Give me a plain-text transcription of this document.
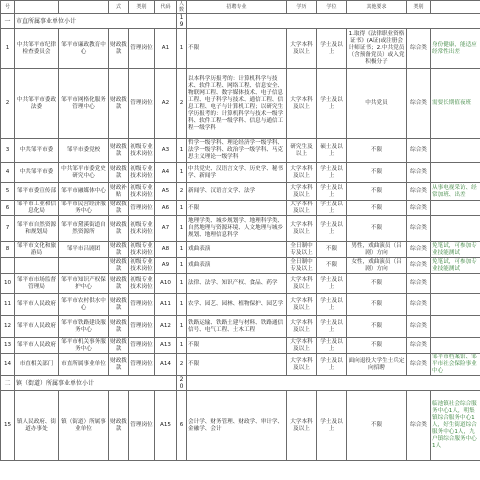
号			式	类别	代码	人数	招聘专业	学历	学位	其他要求	类别	
一	市直所属事业单位小计					19						
1	中共邹平市纪律检查委员会	邹平市廉政教育中心	财政拨款	管理岗位	A1	1	不限	大学本科及以上	学士及以上	1.取得《法律职业资格证书》(A证)或注册会计师证书；2.中共党员（含预备党员）或入党积极分子	综合类	身份健康，能适应经常性出差
2	中共邹平市委政法委	邹平市网格化服务管理中心	财政拨款	管理岗位	A2	2	以本科学历报考的：计算机科学与技术、软件工程、网络工程、信息安全、物联网工程、数字媒体技术、电子信息工程、电子科学与技术、通信工程、信息工程、电子与计算机工程；以研究生学历报考的：计算机科学与技术一级学科、软件工程一级学科、信息与通信工程一级学科	大学本科及以上	学士及以上	中共党员	综合类	需要长期值夜班
3	中共邹平市委	邹平市委党校	财政拨款	初级专业技术岗位	A3	1	哲学一级学科、理论经济学一级学科、法学一级学科、政治学一级学科、马克思主义理论一级学科	研究生及以上	硕士及以上	不限	综合类	
4	中共邹平市委	中共邹平市委党史研究中心	财政拨款	初级专业技术岗位	A4	1	中共党史、汉语言文学、历史学、秘书学、新闻学	大学本科及以上	学士及以上	不限	综合类	
5	邹平市委宣传部	邹平市融媒体中心	财政补贴	初级专业技术岗位	A5	2	新闻学、汉语言文学、法学	大学本科及以上	学士及以上	不限	综合类	从事电视采访、经常加班、出差
6	邹平市工业和信息化局	邹平市民营经济服务中心	财政拨款	管理岗位	A6	1	不限	大学本科及以上	学士及以上	不限	综合类	
7	邹平市自然资源和规划局	邹平市黛溪街道自然资源所	财政拨款	初级专业技术岗位	A7	1	地理学类、城乡规划学、地理科学类、自然地理与资源环境、人文地理与城乡规划、地理信息科学	大学本科及以上	学士及以上	不限	综合类	
8	邹平市文化和旅游局	邹平市吕剧团	财政拨款	初级专业技术岗位	A8	1	戏曲表演	全日制中专及以上	不限	男性，戏曲演员（吕剧）方向	综合类	免笔试，可参加专业技能测试
			财政拨款	初级专业技术岗位	A9	1	戏曲表演	全日制中专及以上	不限	女性，戏曲演员（吕剧）方向	综合类	免笔试，可参加专业技能测试
10	邹平市市场监督管理局	邹平市知识产权保护中心	财政拨款	初级专业技术岗位	A10	1	法律、法学、知识产权、食品、药学	大学本科及以上	学士及以上	不限	综合类	
11	邹平市人民政府	邹平市农村供水中心	财政拨款	管理岗位	A11	1	农学、园艺、园林、植物保护、园艺学	大学本科及以上	学士及以上	不限	综合类	
12	邹平市人民政府	邹平市铁路建设服务中心	财政拨款	管理岗位	A12	1	铁路运输、铁路土建与材料、铁路通信信号、电气工程、土木工程	大学本科及以上	学士及以上	不限	综合类	
13	邹平市人民政府	邹平市机关事务服务中心	财政拨款	管理岗位	A13	1	不限	大学本科及以上	学士及以上	不限	综合类	
14	市直相关部门	市直所属事业单位	财政拨款	管理岗位	A14	2	不限	大学本科及以上	学士及以上	面向退役大学生士兵定向招聘	综合类	邹平市档案馆、邹平市社会保险事业中心
二	镇（街道）所属事业单位小计					20						
15	镇人民政府、街道办事处	镇（街道）所属事业单位	财政拨款	管理岗位	A15	6	会计学、财务管理、财政学、审计学、金融学、会计	大学本科及以上	学士及以上	不限	综合类	临池镇社会综合服务中心1人，明集镇综合服务中心1人，好生街道综合服务中心1人，九户镇综合服务中心1人
